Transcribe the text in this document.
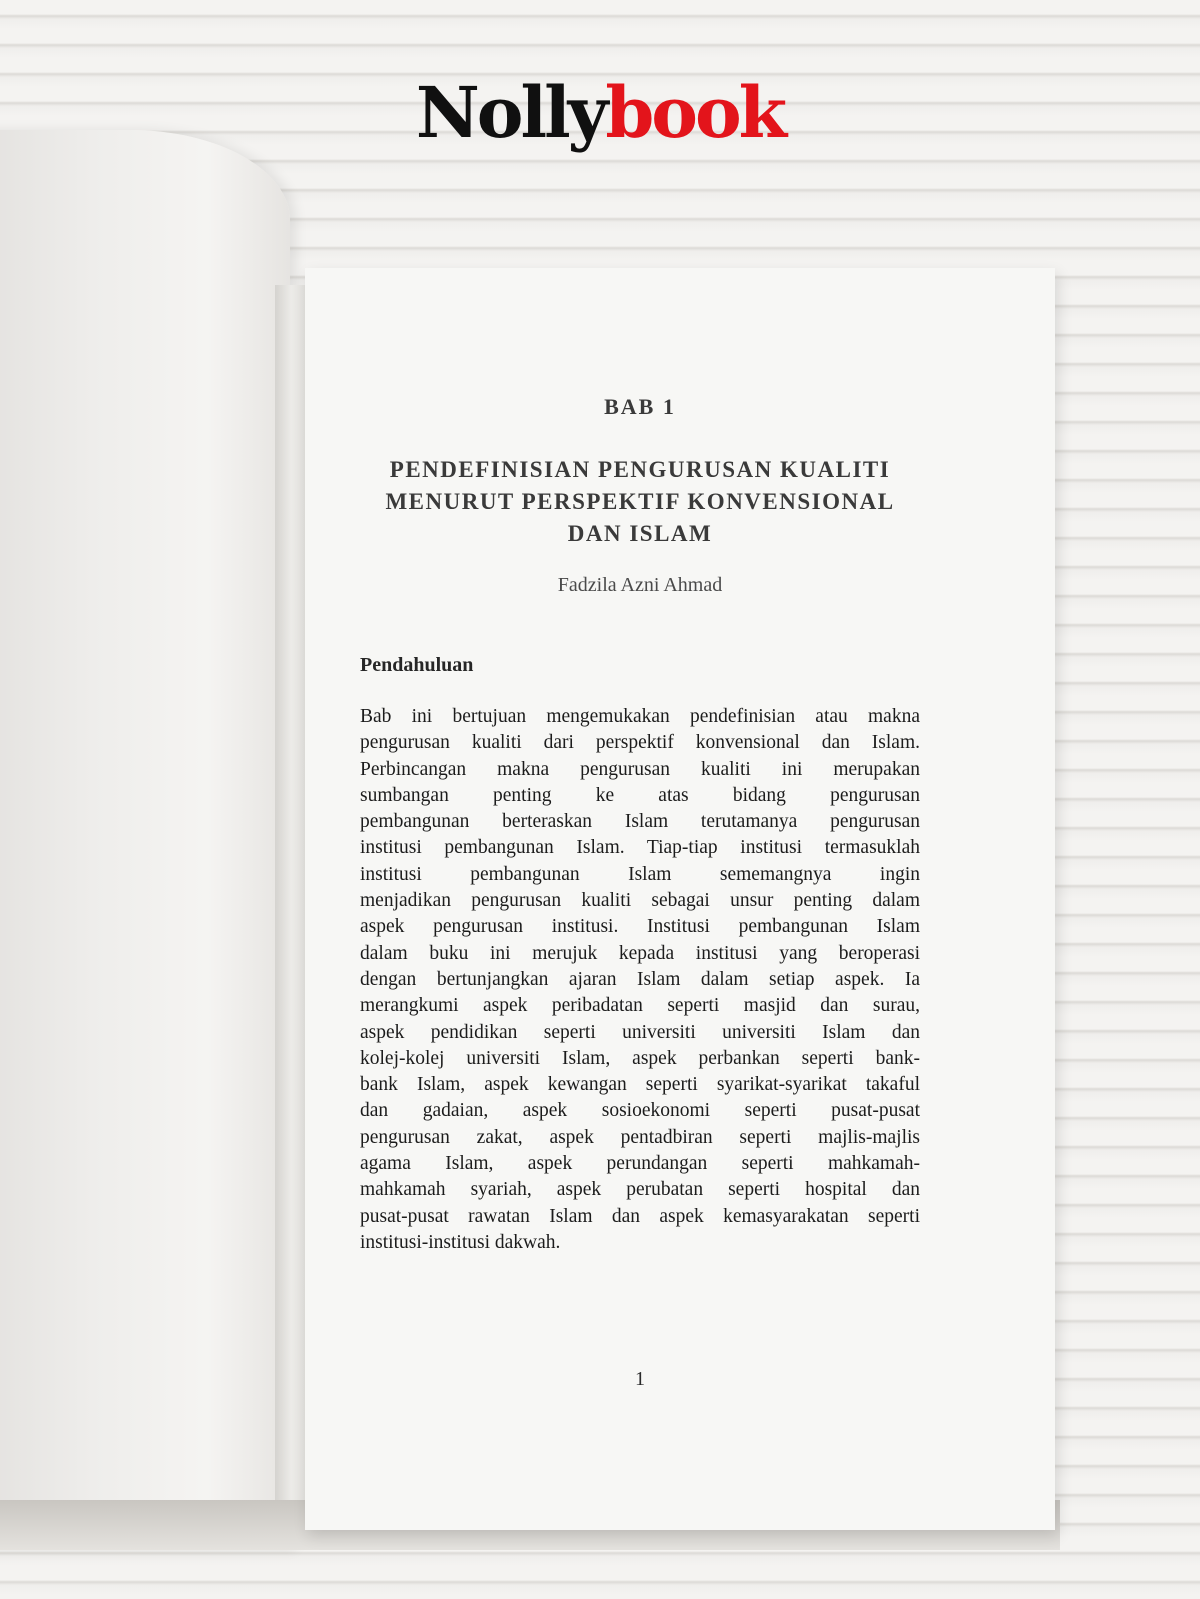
Nollybook
BAB 1
PENDEFINISIAN PENGURUSAN KUALITI
MENURUT PERSPEKTIF KONVENSIONAL
DAN ISLAM
Fadzila Azni Ahmad
Pendahuluan
Bab ini bertujuan mengemukakan pendefinisian atau makna
pengurusan kualiti dari perspektif konvensional dan Islam.
Perbincangan makna pengurusan kualiti ini merupakan
sumbangan penting ke atas bidang pengurusan
pembangunan berteraskan Islam terutamanya pengurusan
institusi pembangunan Islam. Tiap-tiap institusi termasuklah
institusi pembangunan Islam sememangnya ingin
menjadikan pengurusan kualiti sebagai unsur penting dalam
aspek pengurusan institusi. Institusi pembangunan Islam
dalam buku ini merujuk kepada institusi yang beroperasi
dengan bertunjangkan ajaran Islam dalam setiap aspek. Ia
merangkumi aspek peribadatan seperti masjid dan surau,
aspek pendidikan seperti universiti universiti Islam dan
kolej-kolej universiti Islam, aspek perbankan seperti bank-
bank Islam, aspek kewangan seperti syarikat-syarikat takaful
dan gadaian, aspek sosioekonomi seperti pusat-pusat
pengurusan zakat, aspek pentadbiran seperti majlis-majlis
agama Islam, aspek perundangan seperti mahkamah-
mahkamah syariah, aspek perubatan seperti hospital dan
pusat-pusat rawatan Islam dan aspek kemasyarakatan seperti
institusi-institusi dakwah.
1
